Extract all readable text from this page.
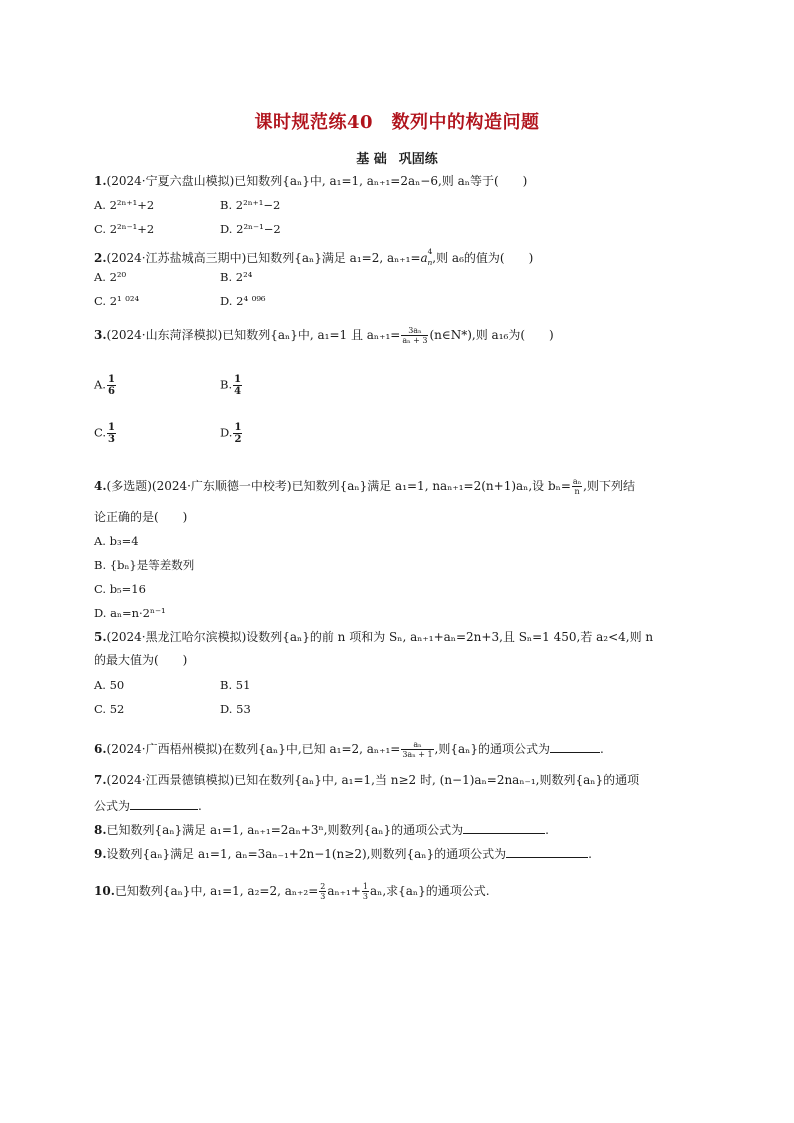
课时规范练40　数列中的构造问题
基 础 巩固练
1.(2024·宁夏六盘山模拟)已知数列{aₙ}中, a₁=1, aₙ₊₁=2aₙ−6,则 aₙ等于(　　)
A. 2²ⁿ⁺¹+2	B. 2²ⁿ⁺¹−2
C. 2²ⁿ⁻¹+2	D. 2²ⁿ⁻¹−2
2.(2024·江苏盐城高三期中)已知数列{aₙ}满足 a₁=2, $a_{n+1}=a^4_n$,则 a₆的值为(　　)
A. 2²⁰	B. 2²⁴
C. 2¹ ⁰²⁴	D. 2⁴ ⁰⁹⁶
3.(2024·山东菏泽模拟)已知数列{aₙ}中, a₁=1 且 $a_{n+1}= \frac{\text{3aₙ}}{\text{aₙ + 3}}$ (n∈N*),则 a₁₆为(　　)
A. $\frac{1}{6}$	B. $\frac{1}{4}$
C. $\frac{1}{3}$	D. $\frac{1}{2}$
4.(多选题)(2024·广东顺德一中校考)已知数列{aₙ}满足 a₁=1, naₙ₊₁=2(n+1)aₙ,设 $b_n= \frac{\text{aₙ}}{n}$ ,则下列结
论正确的是(　　)
A. b₃=4
B. {bₙ}是等差数列
C. b₅=16
D. aₙ=n·2ⁿ⁻¹
5.(2024·黑龙江哈尔滨模拟)设数列{aₙ}的前 n 项和为 Sₙ, aₙ₊₁+aₙ=2n+3,且 Sₙ=1 450,若 a₂<4,则 n
的最大值为(　　)
A. 50	B. 51
C. 52	D. 53
6.(2024·广西梧州模拟)在数列{aₙ}中,已知 a₁=2, $a_{n+1}= \frac{\text{aₙ}}{\text{3aₙ + 1}}$ ,则{aₙ}的通项公式为	.
7.(2024·江西景德镇模拟)已知在数列{aₙ}中, a₁=1,当 n≥2 时, (n−1)aₙ=2naₙ₋₁,则数列{aₙ}的通项
公式为	.
8.已知数列{aₙ}满足 a₁=1, aₙ₊₁=2aₙ+3ⁿ,则数列{aₙ}的通项公式为	.
9.设数列{aₙ}满足 a₁=1, aₙ=3aₙ₋₁+2n−1(n≥2),则数列{aₙ}的通项公式为	.
10.已知数列{aₙ}中, a₁=1, a₂=2, $a_{n+2}= \frac{2}{3} a_{n+1}+ \frac{1}{3} a_n$,求{aₙ}的通项公式.
